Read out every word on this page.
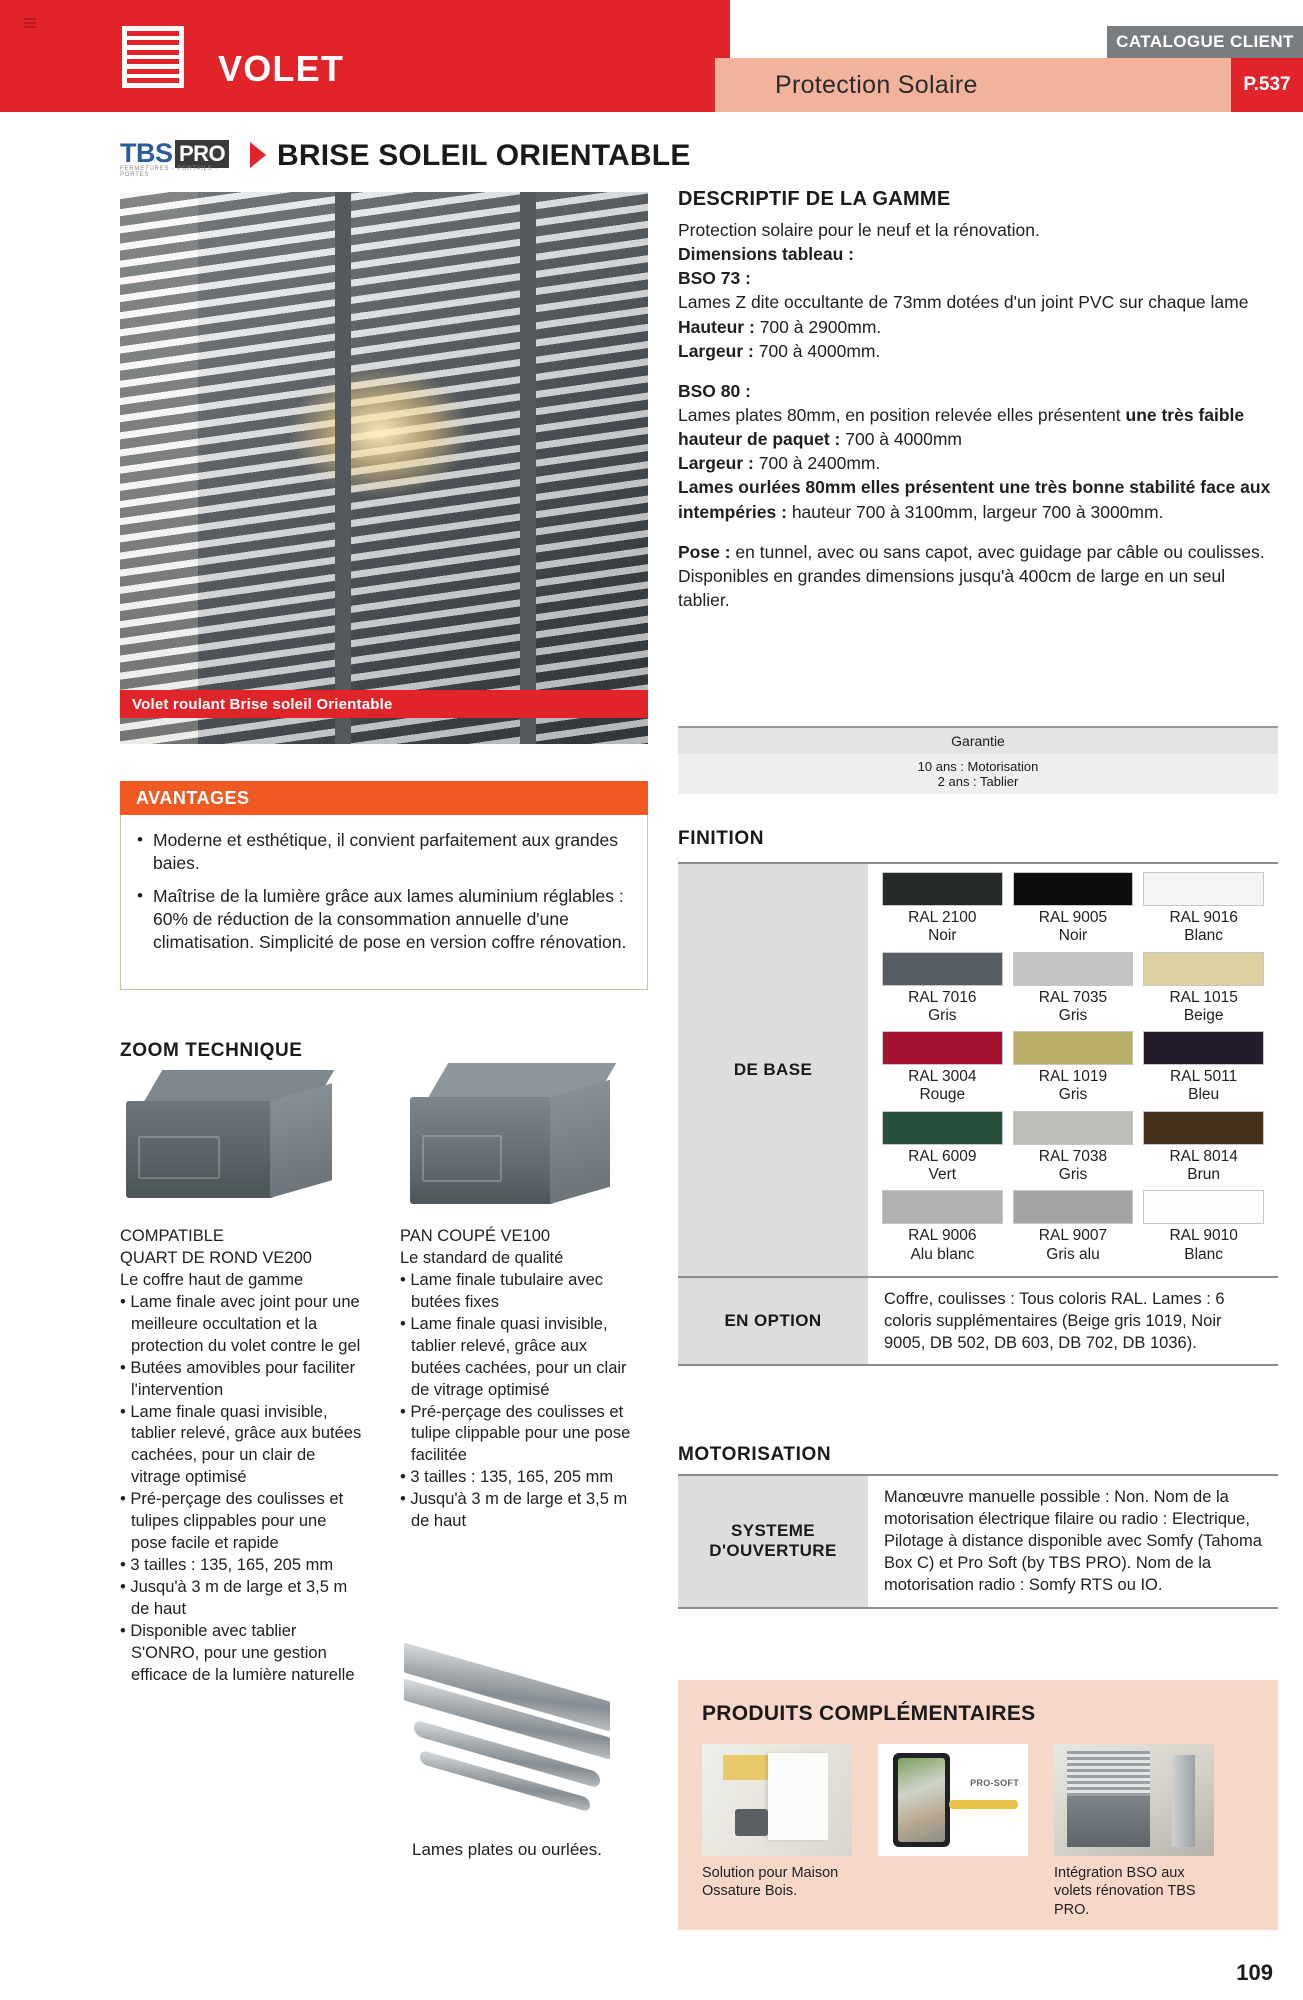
VOLET
CATALOGUE CLIENT
Protection Solaire	P.537
TBS PRO
FERMETURES - PORTAILS - PORTES
BRISE SOLEIL ORIENTABLE
Volet roulant Brise soleil Orientable
AVANTAGES
• Moderne et esthétique, il convient parfaitement aux grandes baies.
• Maîtrise de la lumière grâce aux lames aluminium réglables : 60% de réduction de la consommation annuelle d'une climatisation. Simplicité de pose en version coffre rénovation.
ZOOM TECHNIQUE
COMPATIBLE
QUART DE ROND VE200
Le coffre haut de gamme
• Lame finale avec joint pour une meilleure occultation et la protection du volet contre le gel
• Butées amovibles pour faciliter l'intervention
• Lame finale quasi invisible, tablier relevé, grâce aux butées cachées, pour un clair de vitrage optimisé
• Pré-perçage des coulisses et tulipes clippables pour une pose facile et rapide
• 3 tailles : 135, 165, 205 mm
• Jusqu'à 3 m de large et 3,5 m de haut
• Disponible avec tablier S'ONRO, pour une gestion efficace de la lumière naturelle
PAN COUPÉ VE100
Le standard de qualité
• Lame finale tubulaire avec butées fixes
• Lame finale quasi invisible, tablier relevé, grâce aux butées cachées, pour un clair de vitrage optimisé
• Pré-perçage des coulisses et tulipe clippable pour une pose facilitée
• 3 tailles : 135, 165, 205 mm
• Jusqu'à 3 m de large et 3,5 m de haut
Lames plates ou ourlées.
DESCRIPTIF DE LA GAMME
Protection solaire pour le neuf et la rénovation.
Dimensions tableau :
BSO 73 :
Lames Z dite occultante de 73mm dotées d'un joint PVC sur chaque lame
Hauteur : 700 à 2900mm.
Largeur : 700 à 4000mm.
BSO 80 :
Lames plates 80mm, en position relevée elles présentent une très faible hauteur de paquet : 700 à 4000mm
Largeur : 700 à 2400mm.
Lames ourlées 80mm elles présentent une très bonne stabilité face aux intempéries : hauteur 700 à 3100mm, largeur 700 à 3000mm.
Pose : en tunnel, avec ou sans capot, avec guidage par câble ou coulisses.
Disponibles en grandes dimensions jusqu'à 400cm de large en un seul tablier.
Garantie
10 ans : Motorisation
2 ans : Tablier
FINITION
DE BASE
RAL 2100
Noir
RAL 9005
Noir
RAL 9016
Blanc
RAL 7016
Gris
RAL 7035
Gris
RAL 1015
Beige
RAL 3004
Rouge
RAL 1019
Gris
RAL 5011
Bleu
RAL 6009
Vert
RAL 7038
Gris
RAL 8014
Brun
RAL 9006
Alu blanc
RAL 9007
Gris alu
RAL 9010
Blanc
EN OPTION
Coffre, coulisses : Tous coloris RAL. Lames : 6 coloris supplémentaires (Beige gris 1019, Noir 9005, DB 502, DB 603, DB 702, DB 1036).
MOTORISATION
SYSTEME
D'OUVERTURE
Manœuvre manuelle possible : Non. Nom de la motorisation électrique filaire ou radio : Electrique, Pilotage à distance disponible avec Somfy (Tahoma Box C) et Pro Soft (by TBS PRO). Nom de la motorisation radio : Somfy RTS ou IO.
PRODUITS COMPLÉMENTAIRES
Solution pour Maison Ossature Bois.
PRO-SOFT
Intégration BSO aux volets rénovation TBS PRO.
109
